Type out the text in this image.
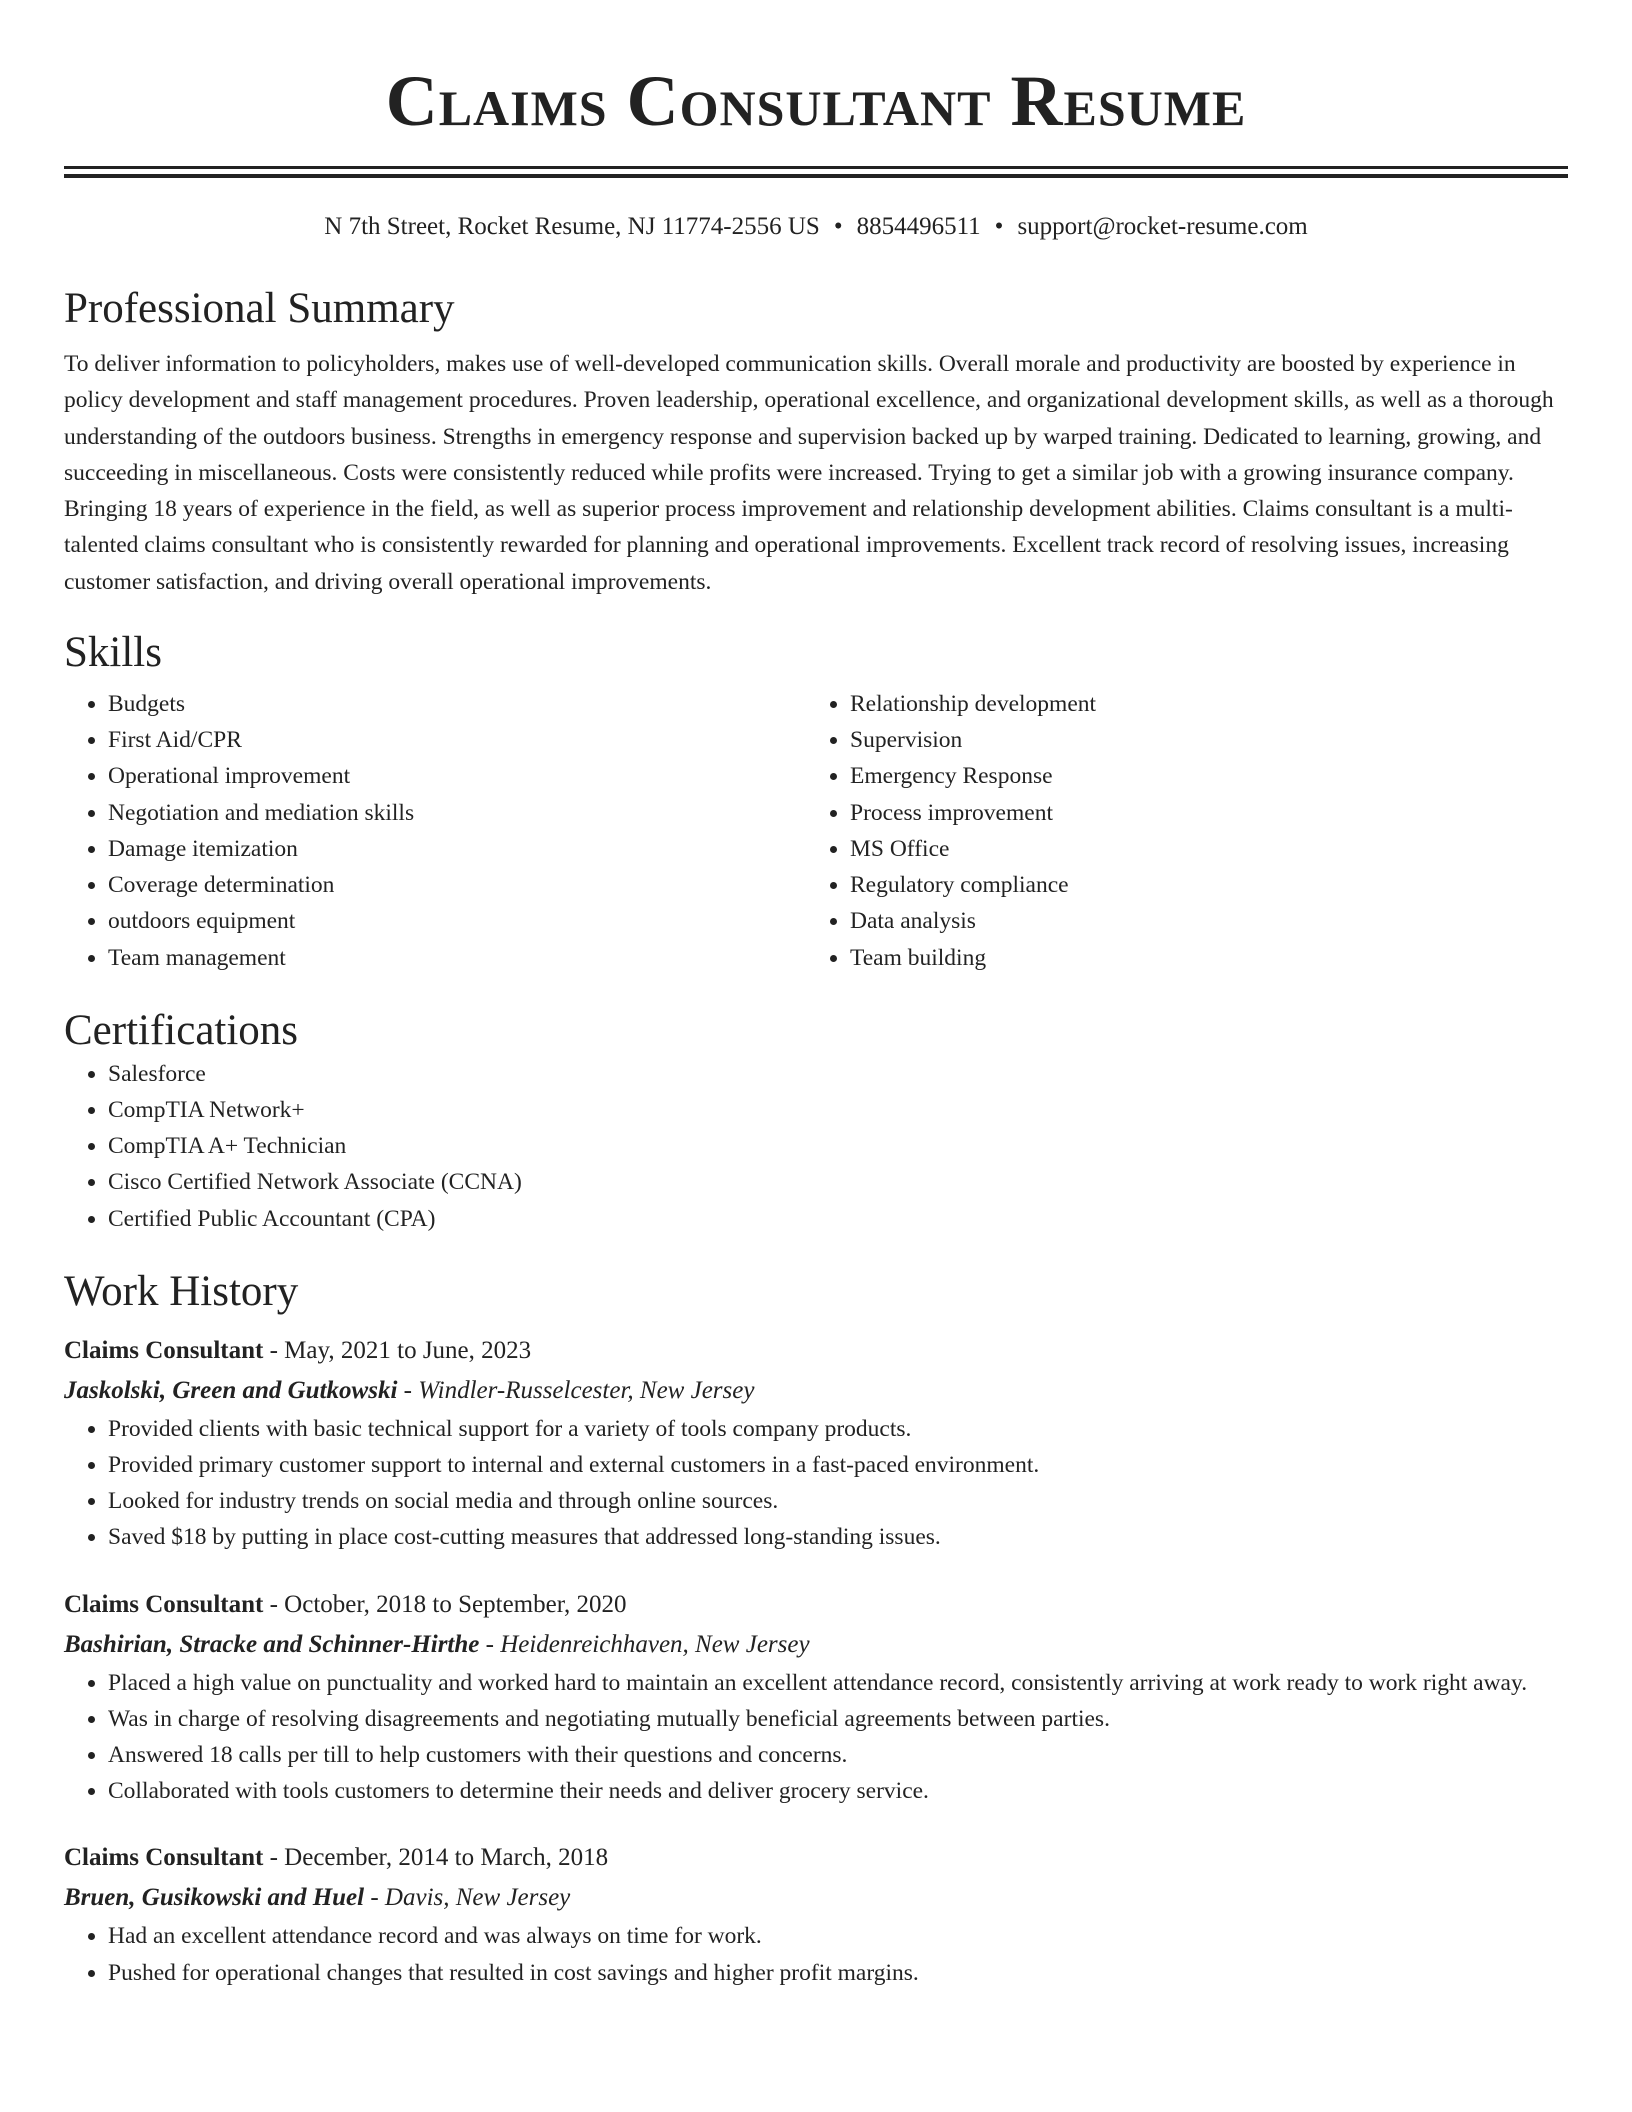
Claims Consultant Resume
N 7th Street, Rocket Resume, NJ 11774-2556 US • 8854496511 • support@rocket-resume.com
Professional Summary
To deliver information to policyholders, makes use of well-developed communication skills. Overall morale and productivity are boosted by experience in policy development and staff management procedures. Proven leadership, operational excellence, and organizational development skills, as well as a thorough understanding of the outdoors business. Strengths in emergency response and supervision backed up by warped training. Dedicated to learning, growing, and succeeding in miscellaneous. Costs were consistently reduced while profits were increased. Trying to get a similar job with a growing insurance company. Bringing 18 years of experience in the field, as well as superior process improvement and relationship development abilities. Claims consultant is a multi-talented claims consultant who is consistently rewarded for planning and operational improvements. Excellent track record of resolving issues, increasing customer satisfaction, and driving overall operational improvements.
Skills
• Budgets
• First Aid/CPR
• Operational improvement
• Negotiation and mediation skills
• Damage itemization
• Coverage determination
• outdoors equipment
• Team management
• Relationship development
• Supervision
• Emergency Response
• Process improvement
• MS Office
• Regulatory compliance
• Data analysis
• Team building
Certifications
• Salesforce
• CompTIA Network+
• CompTIA A+ Technician
• Cisco Certified Network Associate (CCNA)
• Certified Public Accountant (CPA)
Work History
Claims Consultant - May, 2021 to June, 2023
Jaskolski, Green and Gutkowski - Windler-Russelcester, New Jersey
• Provided clients with basic technical support for a variety of tools company products.
• Provided primary customer support to internal and external customers in a fast-paced environment.
• Looked for industry trends on social media and through online sources.
• Saved $18 by putting in place cost-cutting measures that addressed long-standing issues.
Claims Consultant - October, 2018 to September, 2020
Bashirian, Stracke and Schinner-Hirthe - Heidenreichhaven, New Jersey
• Placed a high value on punctuality and worked hard to maintain an excellent attendance record, consistently arriving at work ready to work right away.
• Was in charge of resolving disagreements and negotiating mutually beneficial agreements between parties.
• Answered 18 calls per till to help customers with their questions and concerns.
• Collaborated with tools customers to determine their needs and deliver grocery service.
Claims Consultant - December, 2014 to March, 2018
Bruen, Gusikowski and Huel - Davis, New Jersey
• Had an excellent attendance record and was always on time for work.
• Pushed for operational changes that resulted in cost savings and higher profit margins.
